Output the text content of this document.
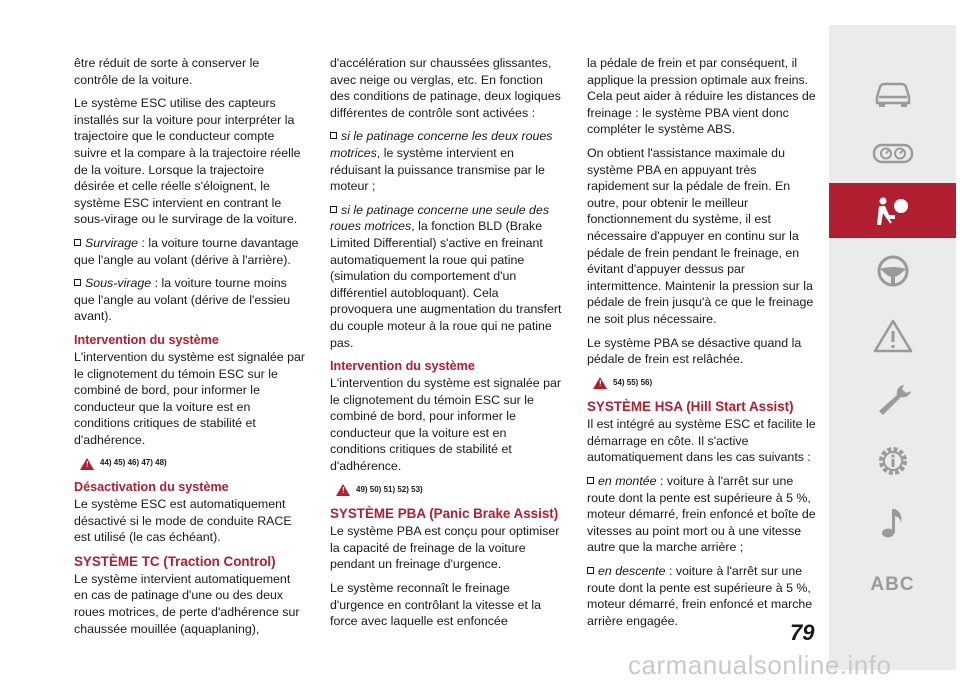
être réduit de sorte à conserver le contrôle de la voiture.

Le système ESC utilise des capteurs installés sur la voiture pour interpréter la trajectoire que le conducteur compte suivre et la compare à la trajectoire réelle de la voiture. Lorsque la trajectoire désirée et celle réelle s'éloignent, le système ESC intervient en contrant le sous-virage ou le survirage de la voiture.

Survirage : la voiture tourne davantage que l'angle au volant (dérive à l'arrière).
Sous-virage : la voiture tourne moins que l'angle au volant (dérive de l'essieu avant).
Intervention du système

L'intervention du système est signalée par le clignotement du témoin ESC sur le combiné de bord, pour informer le conducteur que la voiture est en conditions critiques de stabilité et d'adhérence.

! 44) 45) 46) 47) 48)
Désactivation du système

Le système ESC est automatiquement désactivé si le mode de conduite RACE est utilisé (le cas échéant).

SYSTÈME TC (Traction Control)

Le système intervient automatiquement en cas de patinage d'une ou des deux roues motrices, de perte d'adhérence sur chaussée mouillée (aquaplaning),

d'accélération sur chaussées glissantes, avec neige ou verglas, etc. En fonction des conditions de patinage, deux logiques différentes de contrôle sont activées :

si le patinage concerne les deux roues motrices, le système intervient en réduisant la puissance transmise par le moteur ;
si le patinage concerne une seule des roues motrices, la fonction BLD (Brake Limited Differential) s'active en freinant automatiquement la roue qui patine (simulation du comportement d'un différentiel autobloquant). Cela provoquera une augmentation du transfert du couple moteur à la roue qui ne patine pas.
Intervention du système

L'intervention du système est signalée par le clignotement du témoin ESC sur le combiné de bord, pour informer le conducteur que la voiture est en conditions critiques de stabilité et d'adhérence.

! 49) 50) 51) 52) 53)
SYSTÈME PBA (Panic Brake Assist)

Le système PBA est conçu pour optimiser la capacité de freinage de la voiture pendant un freinage d'urgence.

Le système reconnaît le freinage d'urgence en contrôlant la vitesse et la force avec laquelle est enfoncée

la pédale de frein et par conséquent, il applique la pression optimale aux freins. Cela peut aider à réduire les distances de freinage : le système PBA vient donc compléter le système ABS.

On obtient l'assistance maximale du système PBA en appuyant très rapidement sur la pédale de frein. En outre, pour obtenir le meilleur fonctionnement du système, il est nécessaire d'appuyer en continu sur la pédale de frein pendant le freinage, en évitant d'appuyer dessus par intermittence. Maintenir la pression sur la pédale de frein jusqu'à ce que le freinage ne soit plus nécessaire.

Le système PBA se désactive quand la pédale de frein est relâchée.

! 54) 55) 56)
SYSTÈME HSA (Hill Start Assist)

Il est intégré au système ESC et facilite le démarrage en côte. Il s'active automatiquement dans les cas suivants :

en montée : voiture à l'arrêt sur une route dont la pente est supérieure à 5 %, moteur démarré, frein enfoncé et boîte de vitesses au point mort ou à une vitesse autre que la marche arrière ;
en descente : voiture à l'arrêt sur une route dont la pente est supérieure à 5 %, moteur démarré, frein enfoncé et marche arrière engagée.
ABC
79
carmanualsonline.info
